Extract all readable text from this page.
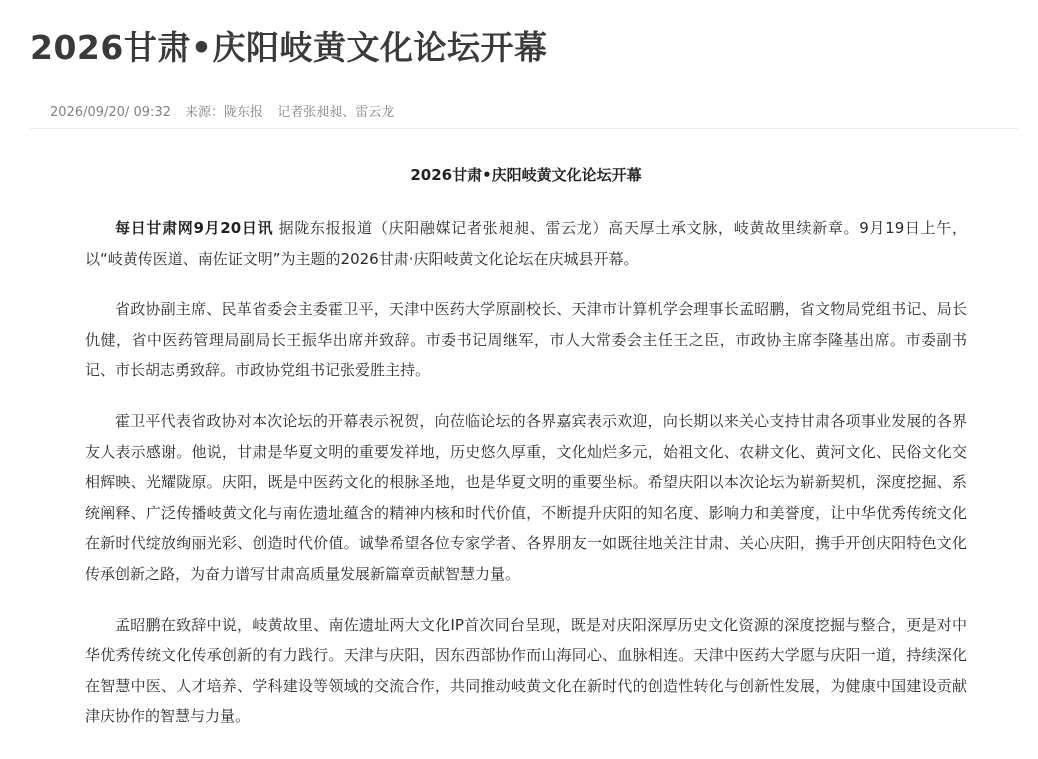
2026甘肃•庆阳岐黄文化论坛开幕
2026/09/20/ 09:32 来源：陇东报 记者张昶昶、雷云龙
2026甘肃•庆阳岐黄文化论坛开幕

每日甘肃网9月20日讯 据陇东报报道（庆阳融媒记者张昶昶、雷云龙）高天厚土承文脉，岐黄故里续新章。9月19日上午，以“岐黄传医道、南佐证文明”为主题的2026甘肃·庆阳岐黄文化论坛在庆城县开幕。

省政协副主席、民革省委会主委霍卫平，天津中医药大学原副校长、天津市计算机学会理事长孟昭鹏，省文物局党组书记、局长仇健，省中医药管理局副局长王振华出席并致辞。市委书记周继军，市人大常委会主任王之臣，市政协主席李隆基出席。市委副书记、市长胡志勇致辞。市政协党组书记张爱胜主持。

霍卫平代表省政协对本次论坛的开幕表示祝贺，向莅临论坛的各界嘉宾表示欢迎，向长期以来关心支持甘肃各项事业发展的各界友人表示感谢。他说，甘肃是华夏文明的重要发祥地，历史悠久厚重，文化灿烂多元，始祖文化、农耕文化、黄河文化、民俗文化交相辉映、光耀陇原。庆阳，既是中医药文化的根脉圣地，也是华夏文明的重要坐标。希望庆阳以本次论坛为崭新契机，深度挖掘、系统阐释、广泛传播岐黄文化与南佐遗址蕴含的精神内核和时代价值，不断提升庆阳的知名度、影响力和美誉度，让中华优秀传统文化在新时代绽放绚丽光彩、创造时代价值。诚挚希望各位专家学者、各界朋友一如既往地关注甘肃、关心庆阳，携手开创庆阳特色文化传承创新之路，为奋力谱写甘肃高质量发展新篇章贡献智慧力量。

孟昭鹏在致辞中说，岐黄故里、南佐遗址两大文化IP首次同台呈现，既是对庆阳深厚历史文化资源的深度挖掘与整合，更是对中华优秀传统文化传承创新的有力践行。天津与庆阳，因东西部协作而山海同心、血脉相连。天津中医药大学愿与庆阳一道，持续深化在智慧中医、人才培养、学科建设等领域的交流合作，共同推动岐黄文化在新时代的创造性转化与创新性发展，为健康中国建设贡献津庆协作的智慧与力量。
